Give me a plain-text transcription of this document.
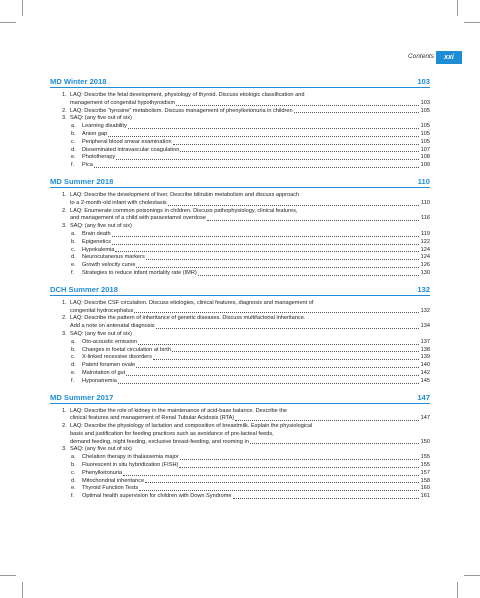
Contents	xxi
MD Winter 2018	103
1. LAQ: Describe the fetal development, physiology of thyroid. Discuss etiologic classification and
management of congenital hypothyroidism	103
2. LAQ: Describe “tyrosine” metabolism. Discuss management of phenylketonuria in children	105
3. SAQ: (any five out of six)
a. Learning disability	105
b. Anion gap	105
c. Peripheral blood smear examination	105
d. Disseminated intravascular coagulation	107
e. Phototherapy	108
f. Pica	109
MD Summer 2018	110
1. LAQ: Describe the development of liver. Describe bilirubin metabolism and discuss approach
to a 2-month-old infant with cholestasis	110
2. LAQ: Enumerate common poisonings in children. Discuss pathophysiology, clinical features,
and management of a child with paracetamol overdose	116
3. SAQ: (any five out of six)
a. Brain death	119
b. Epigenetics	122
c. Hypokalemia	124
d. Neurocutaneous markers	124
e. Growth velocity curve	126
f. Strategies to reduce infant mortality rate (IMR)	130
DCH Summer 2018	132
1. LAQ: Describe CSF circulation. Discuss etiologies, clinical features, diagnosis and management of
congenital hydrocephalus	132
2. LAQ: Describe the pattern of inheritance of genetic diseases. Discuss multifactorial inheritance.
Add a note on antenatal diagnosis	134
3. SAQ: (any five out of six)
a. Oto-acoustic emission	137
b. Changes in foetal circulation at birth	138
c. X-linked recessive disorders	139
d. Patent foramen ovale	140
e. Malrotation of gut	142
f. Hyponatremia	145
MD Summer 2017	147
1. LAQ: Describe the role of kidney in the maintenance of acid-base balance. Describe the
clinical features and management of Renal Tubular Acidosis (RTA)	147
2. LAQ: Describe the physiology of lactation and composition of breastmilk. Explain the physiological
basis and justification for feeding practices such as avoidance of pre-lacteal feeds,
demand feeding, night feeding, exclusive breast-feeding, and rooming in	150
3. SAQ: (any five out of six)
a. Chelation therapy in thalassemia major	155
b. Fluorescent in situ hybridization (FISH)	155
c. Phenylketonuria	157
d. Mitochondrial inheritance	158
e. Thyroid Function Tests	160
f. Optimal health supervision for children with Down Syndrome	161
